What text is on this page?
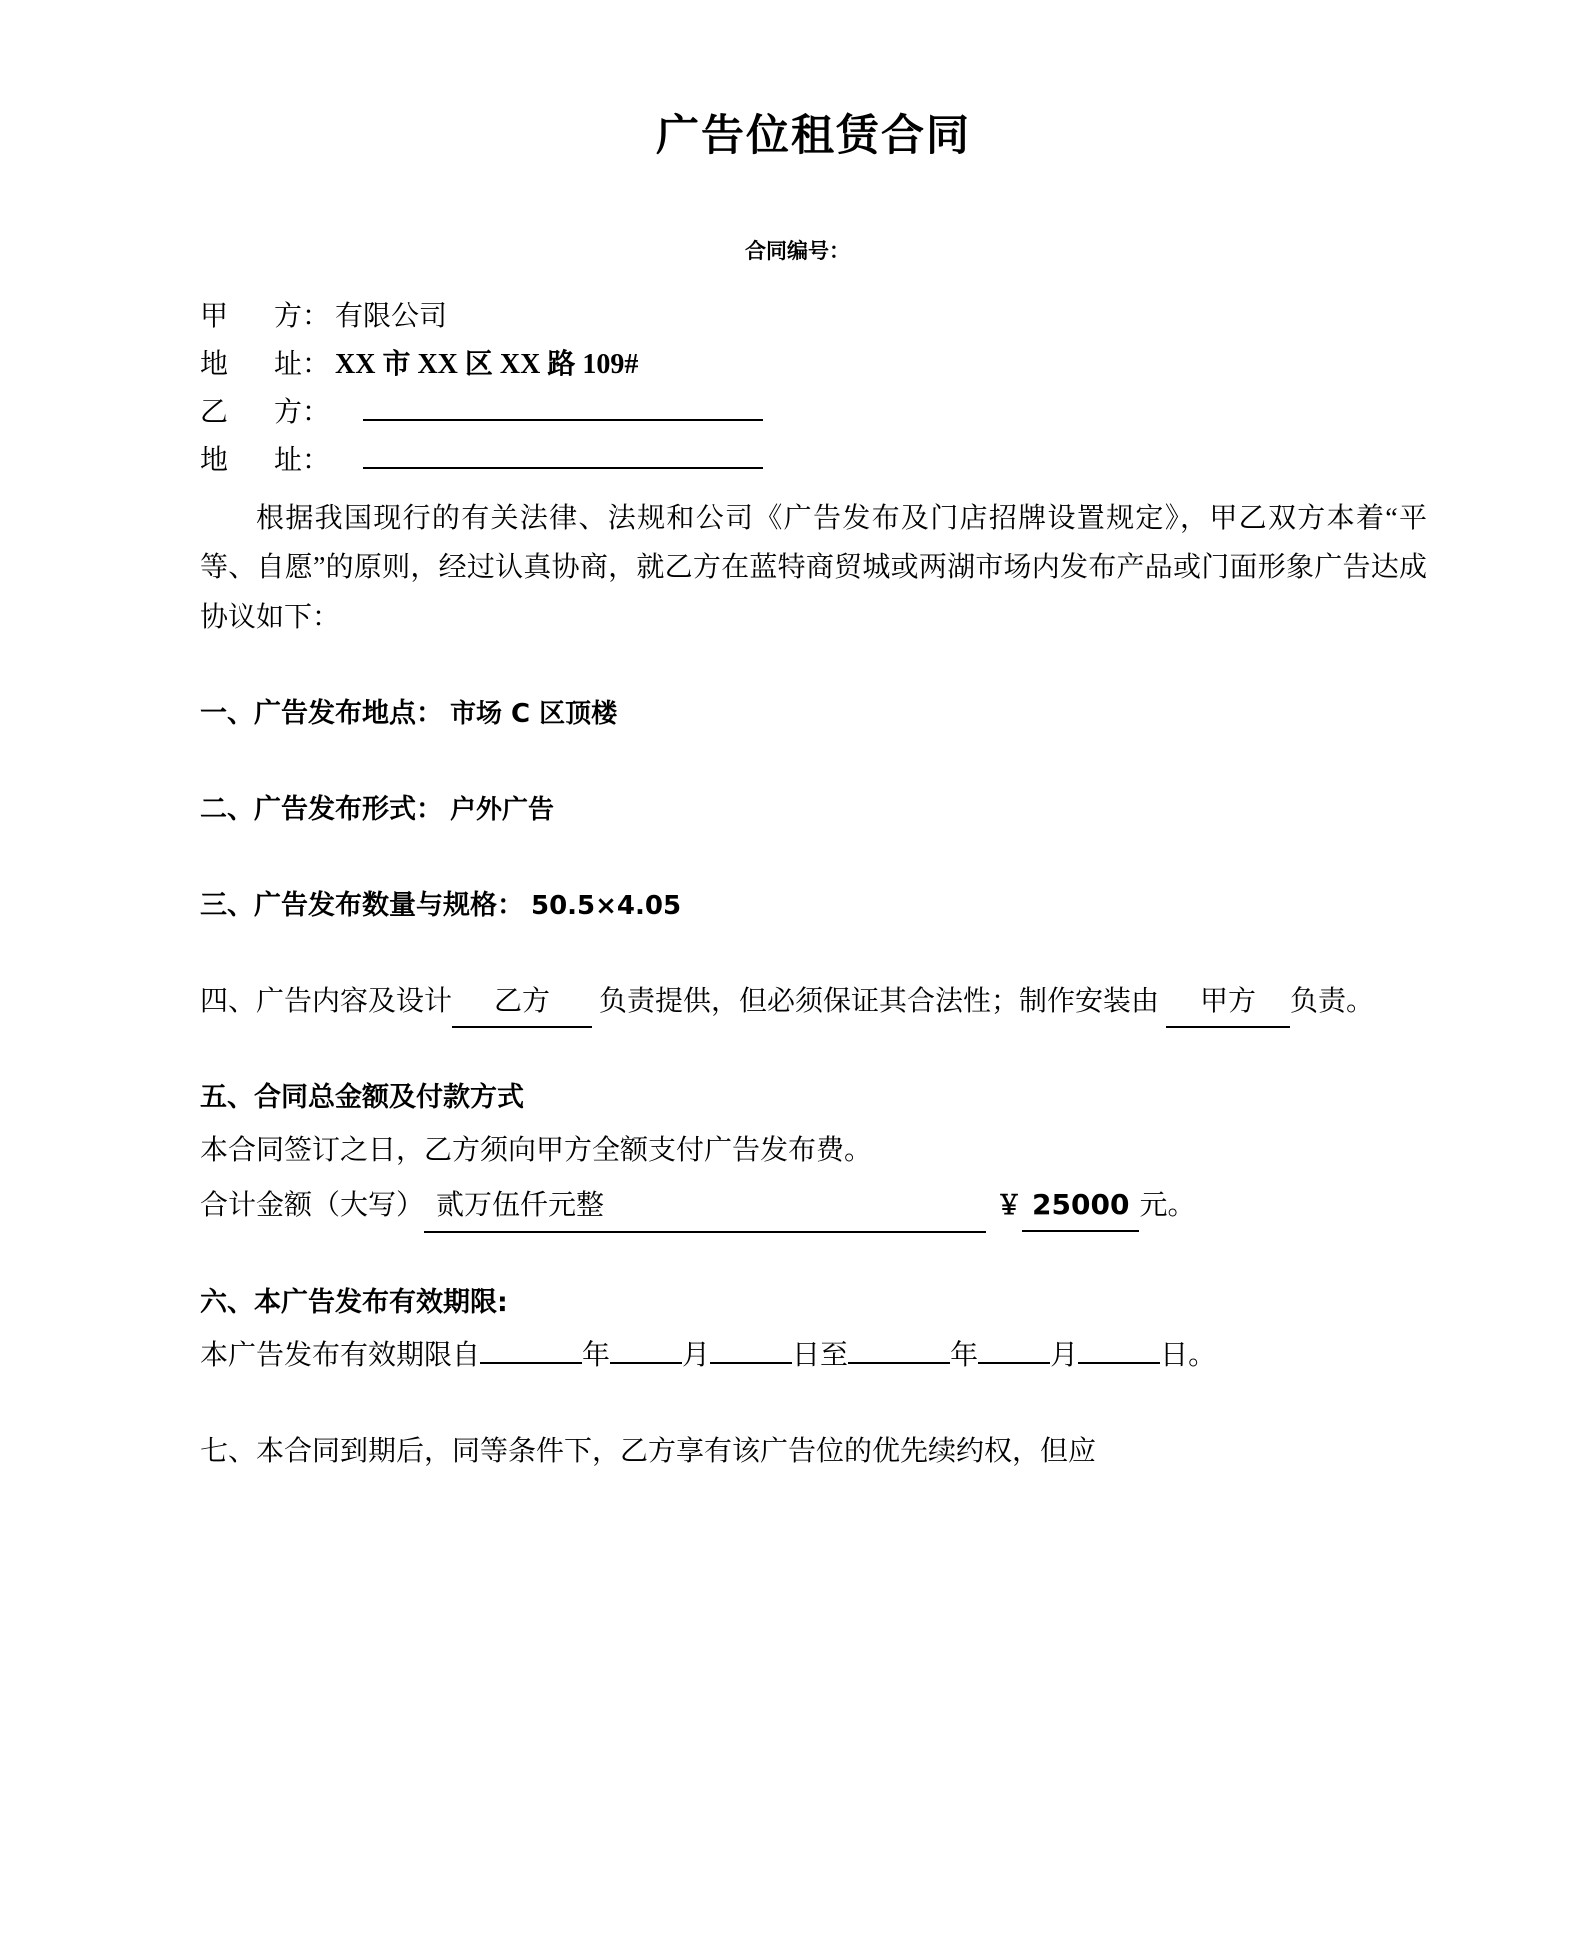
广告位租赁合同
合同编号：
甲 方： 有限公司
地 址： XX 市 XX 区 XX 路 109#
乙 方：
地 址：

根据我国现行的有关法律、法规和公司《广告发布及门店招牌设置规定》，甲乙双方本着“平等、自愿”的原则，经过认真协商，就乙方在蓝特商贸城或两湖市场内发布产品或门面形象广告达成协议如下：

一、广告发布地点： 市场 C 区顶楼
二、广告发布形式： 户外广告
三、广告发布数量与规格： 50.5×4.05
四、广告内容及设计 乙方 负责提供，但必须保证其合法性；制作安装由 甲方 负责。
五、合同总金额及付款方式
本合同签订之日，乙方须向甲方全额支付广告发布费。
合计金额（大写） 贰万伍仟元整	￥ 25000 元。
六、本广告发布有效期限:
本广告发布有效期限自	年	月	日至	年	月	日。
七、本合同到期后，同等条件下，乙方享有该广告位的优先续约权，但应
